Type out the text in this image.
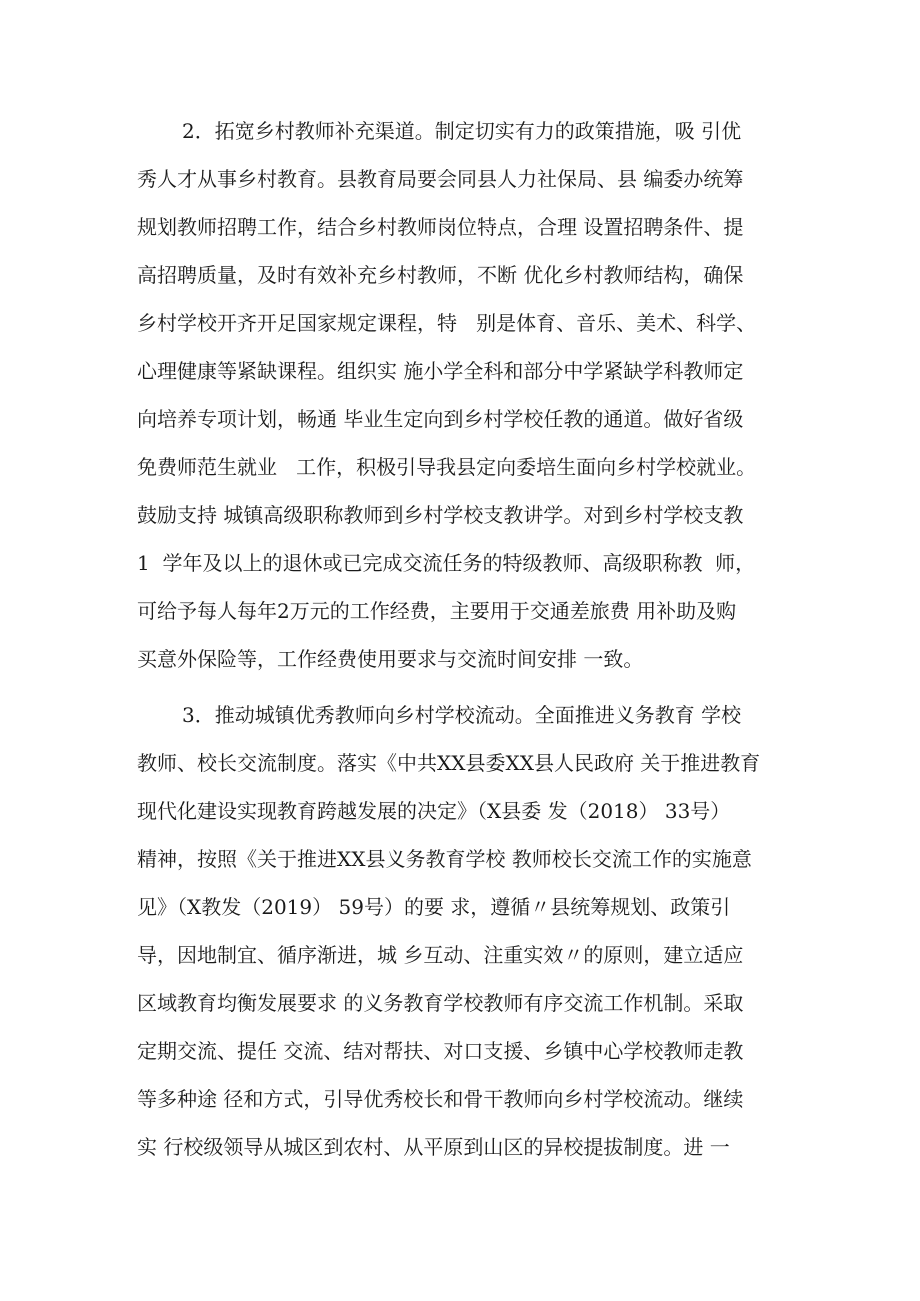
2．拓宽乡村教师补充渠道。制定切实有力的政策措施，吸 引优
秀人才从事乡村教育。县教育局要会同县人力社保局、县 编委办统筹
规划教师招聘工作，结合乡村教师岗位特点，合理 设置招聘条件、提
高招聘质量，及时有效补充乡村教师，不断 优化乡村教师结构，确保
乡村学校开齐开足国家规定课程，特   别是体育、音乐、美术、科学、
心理健康等紧缺课程。组织实 施小学全科和部分中学紧缺学科教师定
向培养专项计划，畅通 毕业生定向到乡村学校任教的通道。做好省级
免费师范生就业   工作，积极引导我县定向委培生面向乡村学校就业。
鼓励支持 城镇高级职称教师到乡村学校支教讲学。对到乡村学校支教
1  学年及以上的退休或已完成交流任务的特级教师、高级职称教  师，
可给予每人每年2万元的工作经费，主要用于交通差旅费 用补助及购
买意外保险等，工作经费使用要求与交流时间安排 一致。
3．推动城镇优秀教师向乡村学校流动。全面推进义务教育 学校
教师、校长交流制度。落实《中共XX县委XX县人民政府 关于推进教育
现代化建设实现教育跨越发展的决定》（X县委 发（2018） 33号）
精神，按照《关于推进XX县义务教育学校 教师校长交流工作的实施意
见》（X教发（2019） 59号）的要 求，遵循〃县统筹规划、政策引
导，因地制宜、循序渐进，城 乡互动、注重实效〃的原则，建立适应
区域教育均衡发展要求 的义务教育学校教师有序交流工作机制。采取
定期交流、提任 交流、结对帮扶、对口支援、乡镇中心学校教师走教
等多种途 径和方式，引导优秀校长和骨干教师向乡村学校流动。继续
实 行校级领导从城区到农村、从平原到山区的异校提拔制度。进 一
